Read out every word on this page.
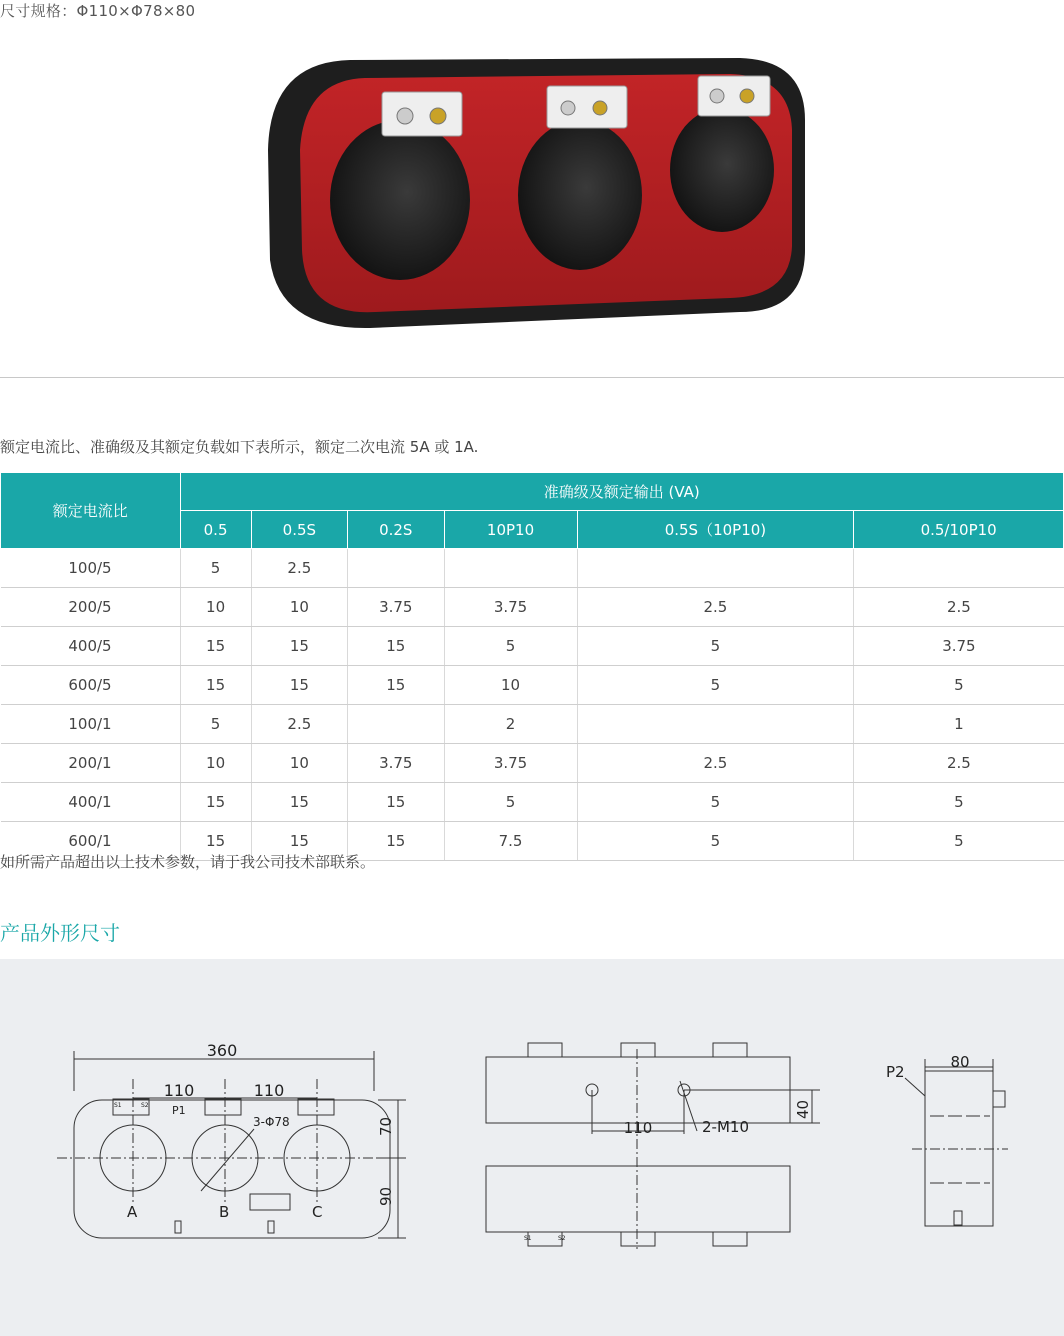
尺寸规格：Φ110×Φ78×80
额定电流比、准确级及其额定负载如下表所示，额定二次电流 5A 或 1A.
额定电流比	准确级及额定输出 (VA)					
	0.5	0.5S	0.2S	10P10	0.5S（10P10)	0.5/10P10
100/5	5	2.5				
200/5	10	10	3.75	3.75	2.5	2.5
400/5	15	15	15	5	5	3.75
600/5	15	15	15	10	5	5
100/1	5	2.5		2		1
200/1	10	10	3.75	3.75	2.5	2.5
400/1	15	15	15	5	5	5
600/1	15	15	15	7.5	5	5
如所需产品超出以上技术参数，请于我公司技术部联系。
产品外形尺寸
360
110	110
3-Φ78
P1
A	B	C
70
90
S1	S2
110	2-M10
40
S1	S2
80
P2
